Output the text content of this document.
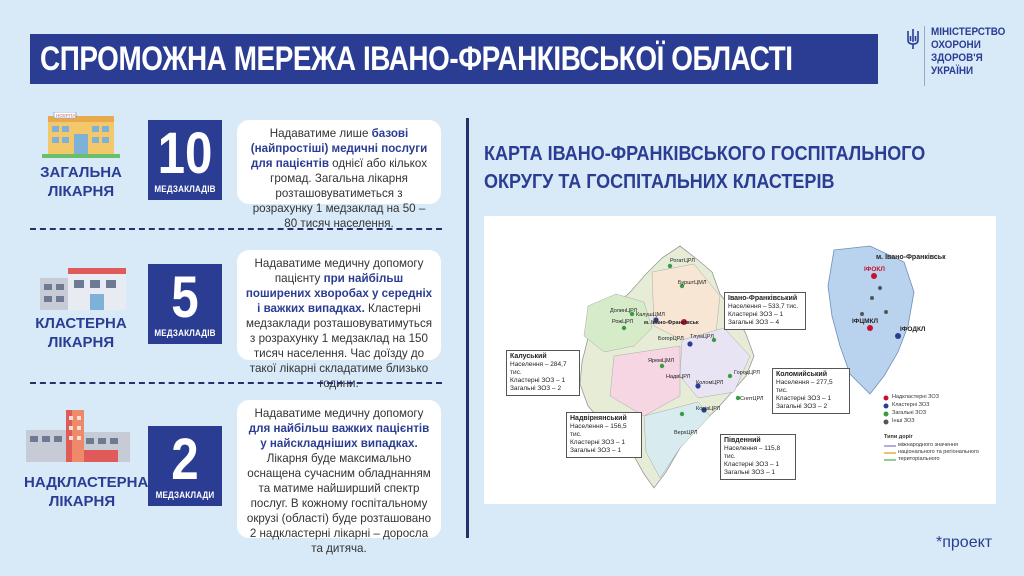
СПРОМОЖНА МЕРЕЖА ІВАНО-ФРАНКІВСЬКОЇ ОБЛАСТІ
МІНІСТЕРСТВО
ОХОРОНИ
ЗДОРОВ'Я
УКРАЇНИ
HOSPITAL
ЗАГАЛЬНА
ЛІКАРНЯ
10
МЕДЗАКЛАДІВ
Надаватиме лише базові (найпростіші) медичні послуги для пацієнтів однієї або кількох громад. Загальна лікарня розташовуватиметься з розрахунку 1 медзаклад на 50 – 80 тисяч населення.
КЛАСТЕРНА
ЛІКАРНЯ
5
МЕДЗАКЛАДІВ
Надаватиме медичну допомогу пацієнту при найбільш поширених хворобах у середніх і важких випадках. Кластерні медзаклади розташовуватимуться з розрахунку 1 медзаклад на 150 тисяч населення. Час доїзду до такої лікарні складатиме близько години.
НАДКЛАСТЕРНА
ЛІКАРНЯ
2
МЕДЗАКЛАДИ
Надаватиме медичну допомогу для найбільш важких пацієнтів у найскладніших випадках. Лікарня буде максимально оснащена сучасним обладнанням та матиме найширший спектр послуг. В кожному госпітальному окрузі (області) буде розташовано 2 надкластерні лікарні – доросла та дитяча.
КАРТА ІВАНО-ФРАНКІВСЬКОГО ГОСПІТАЛЬНОГО
ОКРУГУ ТА ГОСПІТАЛЬНИХ КЛАСТЕРІВ
Івано-Франківський
Населення – 533,7 тис.
Кластерні ЗОЗ – 1
Загальні ЗОЗ – 4
Калуський
Населення – 284,7 тис.
Кластерні ЗОЗ – 1
Загальні ЗОЗ – 2
Коломийський
Населення – 277,5 тис.
Кластерні ЗОЗ – 1
Загальні ЗОЗ – 2
Надвірнянський
Населення – 156,5 тис.
Кластерні ЗОЗ – 1
Загальні ЗОЗ – 1
Південний
Населення – 115,8 тис.
Кластерні ЗОЗ – 1
Загальні ЗОЗ – 1
РогатЦРЛ
БурштЦМЛ
ДолинЦРЛ
РожЦРЛ
КалушЦМЛ
м. Івано-Франківськ
БогорЦРЛ ТлумЦРЛ
ГородЦРЛ
ЯремЦМЛ
КоломЦРЛ
СнятЦРЛ
НадвЦРЛ
КосівЦРЛ
ВерхЦРЛ
м. Івано-Франківськ
ІФОКЛ
ІФЦМКЛ
ІФОДКЛ
Надкластерні ЗОЗ
Кластерні ЗОЗ
Загальні ЗОЗ
Інші ЗОЗ
Типи доріг
міжнародного значення
національного та регіонального
територіального
*проект
